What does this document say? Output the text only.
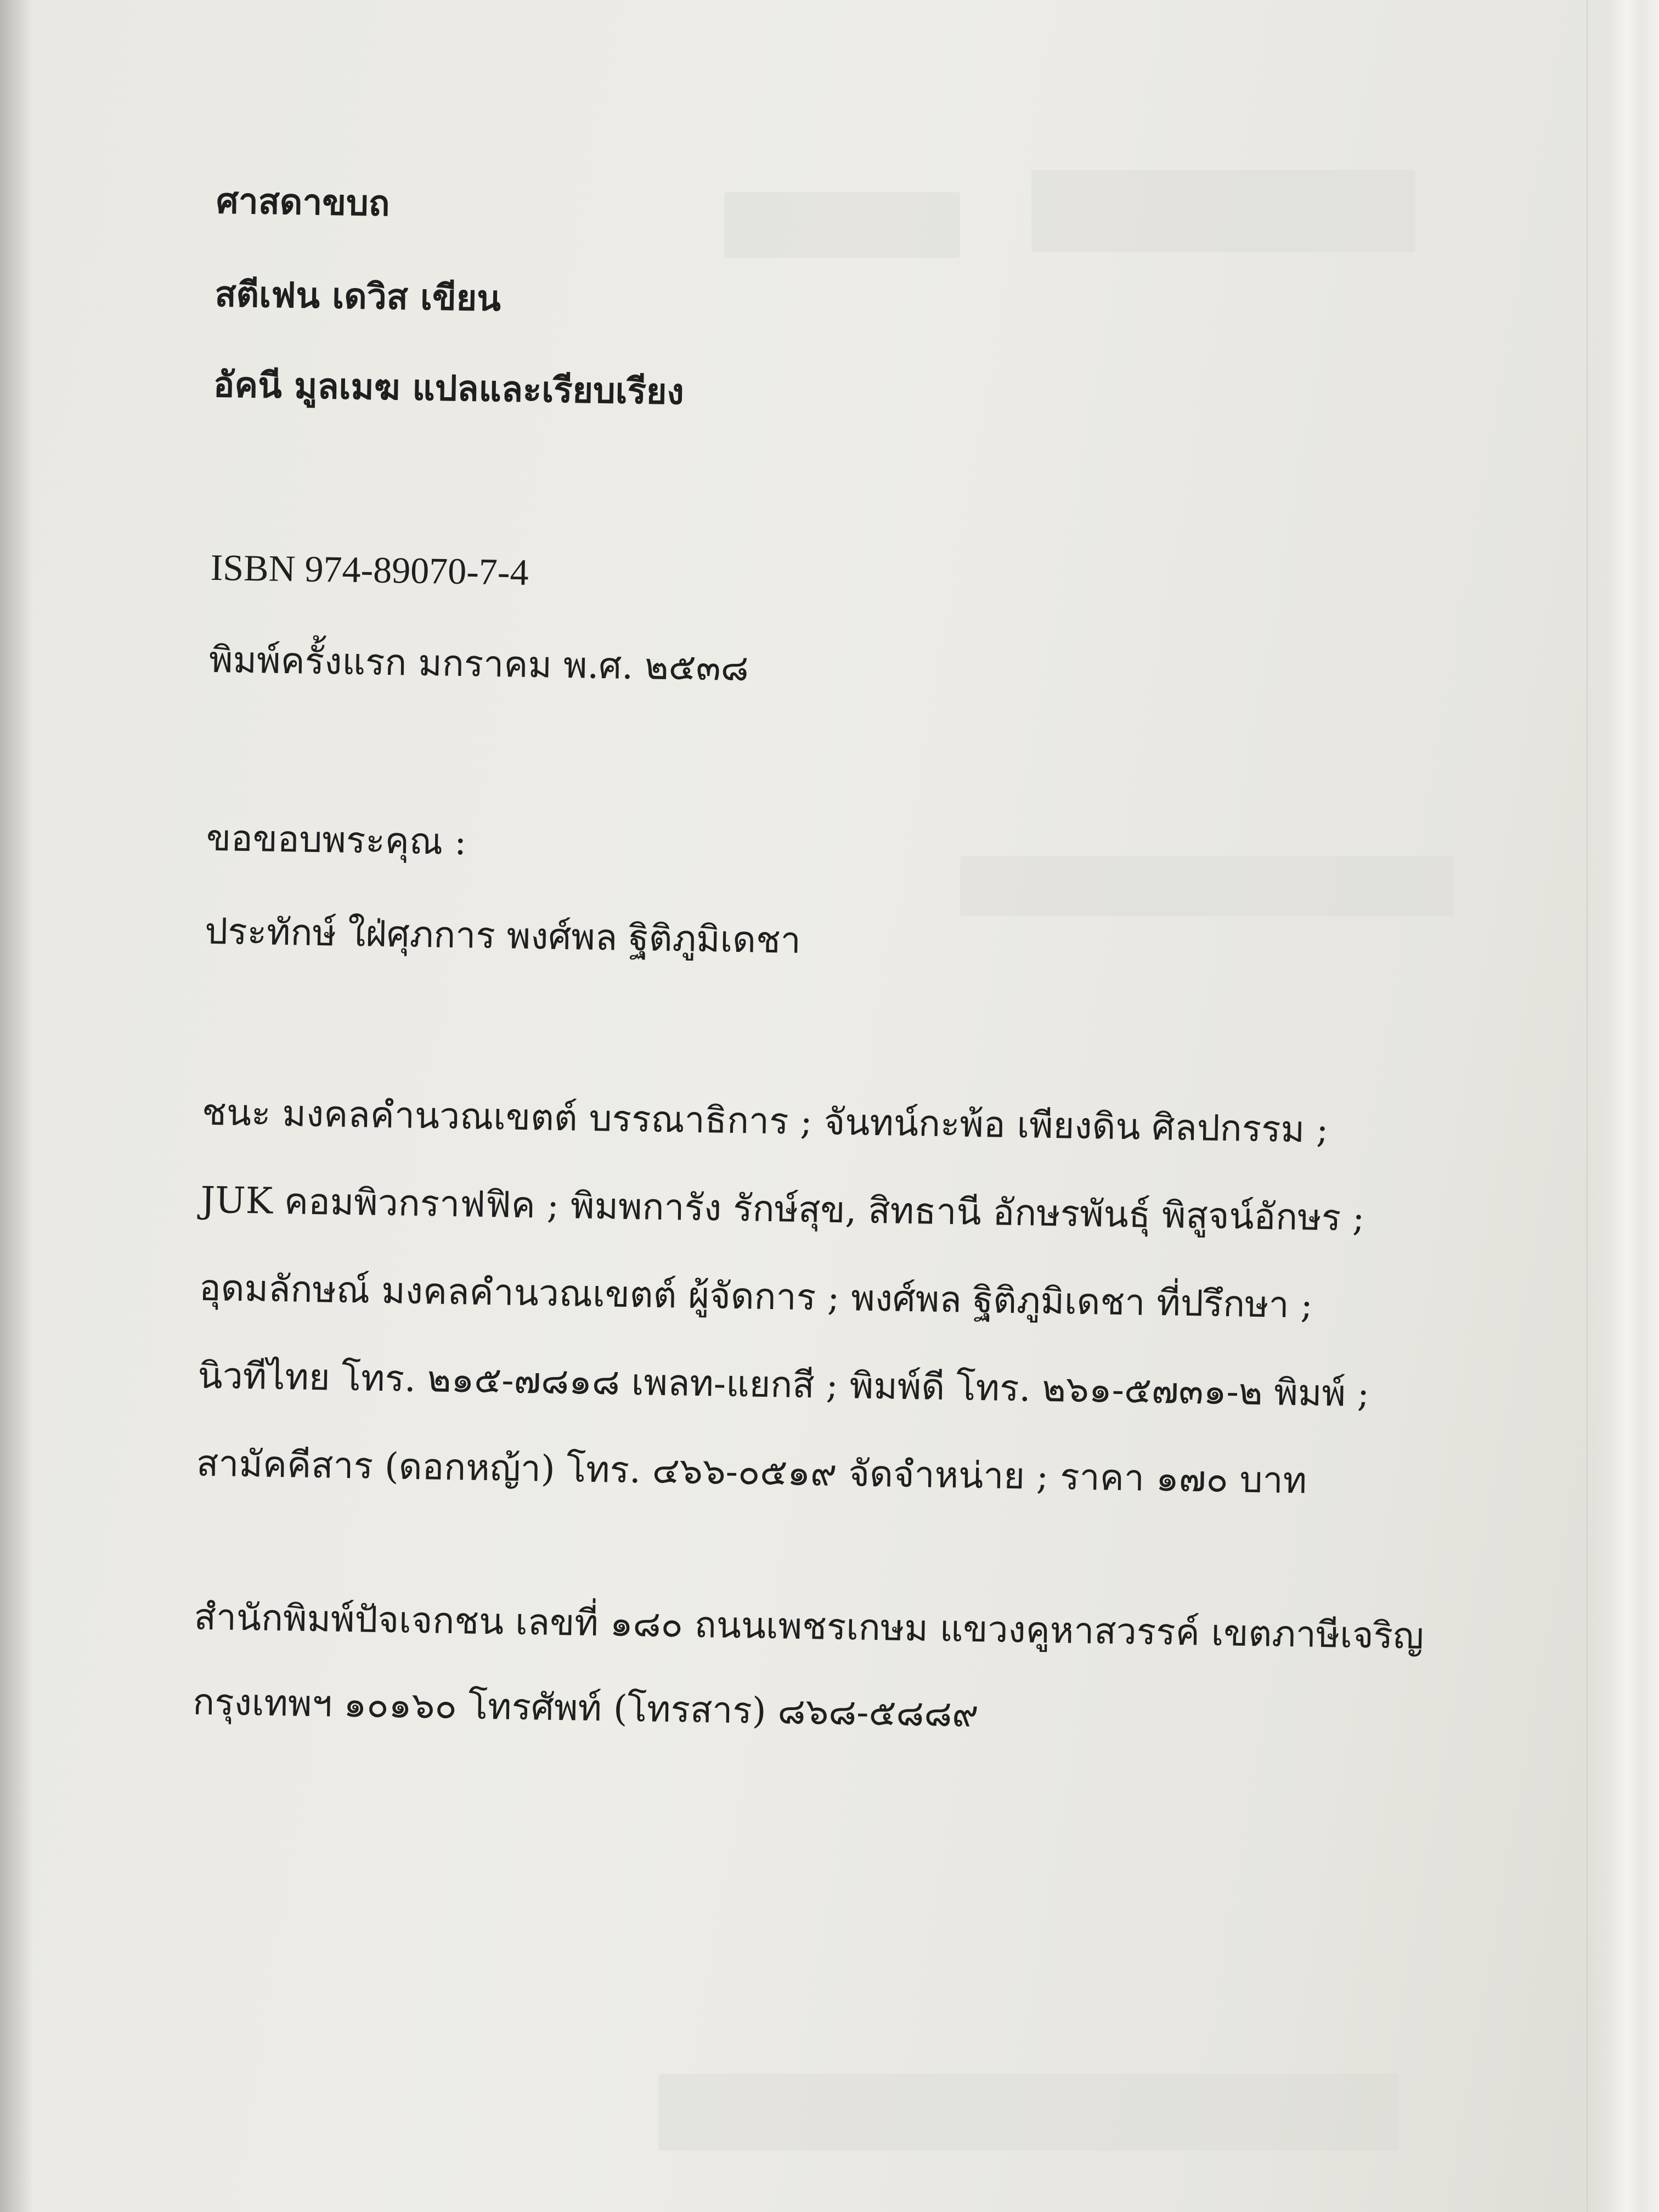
ศาสดาขบถ
สตีเฟน เดวิส เขียน
อัคนี มูลเมฆ แปลและเรียบเรียง
ISBN 974-89070-7-4
พิมพ์ครั้งแรก มกราคม พ.ศ. ๒๕๓๘
ขอขอบพระคุณ :
ประทักษ์ ใฝ่ศุภการ พงศ์พล ฐิติภูมิเดชา
ชนะ มงคลคำนวณเขตต์ บรรณาธิการ ; จันทน์กะพ้อ เพียงดิน ศิลปกรรม ;
JUK คอมพิวกราฟฟิค ; พิมพการัง รักษ์สุข, สิทธานี อักษรพันธุ์ พิสูจน์อักษร ;
อุดมลักษณ์ มงคลคำนวณเขตต์ ผู้จัดการ ; พงศ์พล ฐิติภูมิเดชา ที่ปรึกษา ;
นิวทีไทย โทร. ๒๑๕-๗๘๑๘ เพลท-แยกสี ; พิมพ์ดี โทร. ๒๖๑-๕๗๓๑-๒ พิมพ์ ;
สามัคคีสาร (ดอกหญ้า) โทร. ๔๖๖-๐๕๑๙ จัดจำหน่าย ; ราคา ๑๗๐ บาท
สำนักพิมพ์ปัจเจกชน เลขที่ ๑๘๐ ถนนเพชรเกษม แขวงคูหาสวรรค์ เขตภาษีเจริญ
กรุงเทพฯ ๑๐๑๖๐ โทรศัพท์ (โทรสาร) ๘๖๘-๕๘๘๙
